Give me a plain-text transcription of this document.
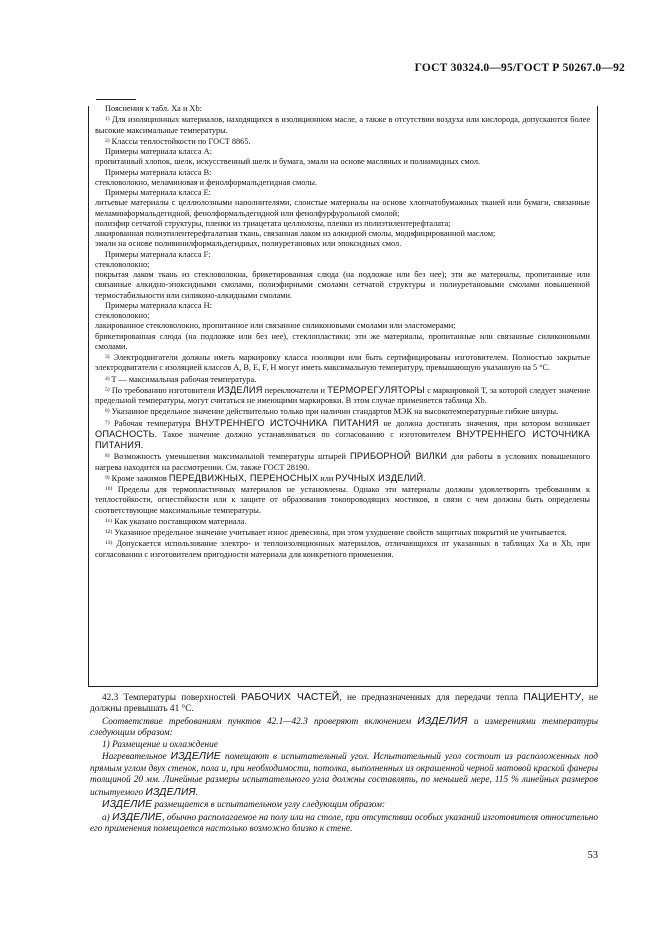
ГОСТ 30324.0—95/ГОСТ Р 50267.0—92

Пояснения к табл. Xa и Xb:

$^{1)}$ Для изоляционных материалов, находящихся в изоляционном масле, а также в отсутствии воздуха или кислорода, допускаются более высокие максимальные температуры.

$^{2)}$ Классы теплостойкости по ГОСТ 8865.

Примеры материала класса A:

пропитанный хлопок, шелк, искусственный шелк и бумага, эмали на основе масляных и полиамидных смол.

Примеры материала класса B:

стекловолокно, меламиновая и фенолформальдегидная смолы.

Примеры материала класса E:

литьевые материалы с целлюлозными наполнителями, слоистые материалы на основе хлопчатобумажных тканей или бумаги, связанные меламинформальдегидной, фенолформальдегидной или фенолфурфурольной смолой;

полиэфир сетчатой структуры, пленки из триацетата целлюлозы, пленки из полиэтилентерефталата;

лакированная полиэтилентерефталатная ткань, связанная лаком из алкидной смолы, модифицированной маслом;

эмали на основе поливинилформальдегидных, полиуретановых или эпоксидных смол.

Примеры материала класса F:

стекловолокно;

покрытая лаком ткань из стекловолокна, брикетированная слюда (на подложке или без нее); эти же материалы, пропитанные или связанные алкидно-эпоксидными смолами, полиэфирными смолами сетчатой структуры и полиуретановыми смолами повышенной термостабильности или силиконо-алкидными смолами.

Примеры материала класса H:

стекловолокно;

лакированное стекловолокно, пропитанное или связанное силиконовыми смолами или эластомерами;

брикетированная слюда (на подложке или без нее), стеклопластики; эти же материалы, пропитанные или связанные силиконовыми смолами.

$^{3)}$ Электродвигатели должны иметь маркировку класса изоляции или быть сертифицированы изготовителем. Полностью закрытые электродвигатели с изоляцией классов A, B, E, F, H могут иметь максимальную температуру, превышающую указанную на 5 °С.

$^{4)}$ T — максимальная рабочая температура.

$^{5)}$ По требованию изготовителя ИЗДЕЛИЯ переключатели и ТЕРМОРЕГУЛЯТОРЫ с маркировкой T, за которой следует значение предельной температуры, могут считаться не имеющими маркировки. В этом случае применяется таблица Xb.

$^{6)}$ Указанное предельное значение действительно только при наличии стандартов МЭК на высокотемпературные гибкие шнуры.

$^{7)}$ Рабочая температура ВНУТРЕННЕГО ИСТОЧНИКА ПИТАНИЯ не должна достигать значения, при котором возникает ОПАСНОСТЬ. Такое значение должно устанавливаться по согласованию с изготовителем ВНУТРЕННЕГО ИСТОЧНИКА ПИТАНИЯ.

$^{8)}$ Возможность уменьшения максимальной температуры штырей ПРИБОРНОЙ ВИЛКИ для работы в условиях повышенного нагрева находится на рассмотрении. См. также ГОСТ 28190.

$^{9)}$ Кроме зажимов ПЕРЕДВИЖНЫХ, ПЕРЕНОСНЫХ или РУЧНЫХ ИЗДЕЛИЙ.

$^{10)}$ Пределы для термопластичных материалов не установлены. Однако эти материалы должны удовлетворять требованиям к теплостойкости, огнестойкости или к защите от образования токопроводящих мостиков, в связи с чем должны быть определены соответствующие максимальные температуры.

$^{11)}$ Как указано поставщиком материала.

$^{12)}$ Указанное предельное значение учитывает износ древесины, при этом ухудшение свойств защитных покрытий не учитывается.

$^{13)}$ Допускается использование электро- и теплоизоляционных материалов, отличающихся от указанных в таблицах Xa и Xb, при согласовании с изготовителем пригодности материала для конкретного применения.

42.3 Температуры поверхностей РАБОЧИХ ЧАСТЕЙ, не предназначенных для передачи тепла ПАЦИЕНТУ, не должны превышать 41 °С.

Соответствие требованиям пунктов 42.1—42.3 проверяют включением ИЗДЕЛИЯ и измерениями температуры следующим образом:

1) Размещение и охлаждение

Нагревательное ИЗДЕЛИЕ помещают в испытательный угол. Испытательный угол состоит из расположенных под прямым углом двух стенок, пола и, при необходимости, потолка, выполненных из окрашенной черной матовой краской фанеры толщиной 20 мм. Линейные размеры испытательного угла должны составлять, по меньшей мере, 115 % линейных размеров испытуемого ИЗДЕЛИЯ.

ИЗДЕЛИЕ размещается в испытательном углу следующим образом:

а) ИЗДЕЛИЕ, обычно располагаемое на полу или на столе, при отсутствии особых указаний изготовителя относительно его применения помещается настолько возможно близко к стене.

53
